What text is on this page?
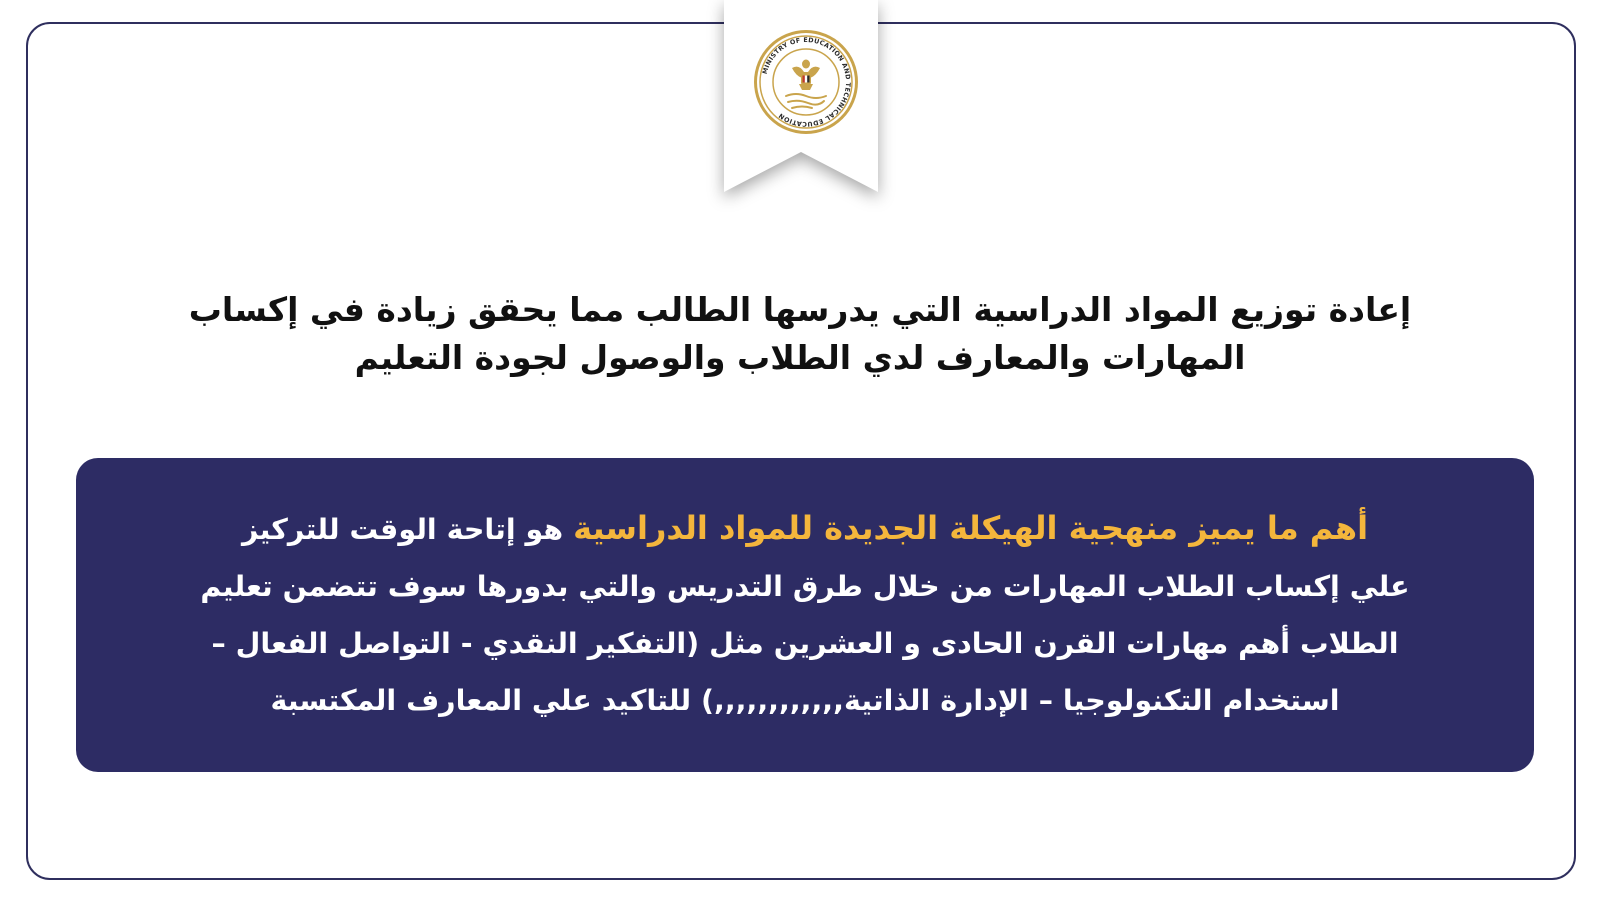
MINISTRY OF EDUCATION AND TECHNICAL EDUCATION
إعادة توزيع المواد الدراسية التي يدرسها الطالب مما يحقق زيادة في إكساب
المهارات والمعارف لدي الطلاب والوصول لجودة التعليم

أهم ما يميز منهجية الهيكلة الجديدة للمواد الدراسية هو إتاحة الوقت للتركيز
علي إكساب الطلاب المهارات من خلال طرق التدريس والتي بدورها سوف تتضمن تعليم
الطلاب أهم مهارات القرن الحادى و العشرين مثل (التفكير النقدي - التواصل الفعال –
استخدام التكنولوجيا – الإدارة الذاتية,,,,,,,,,,,,) للتاكيد علي المعارف المكتسبة
